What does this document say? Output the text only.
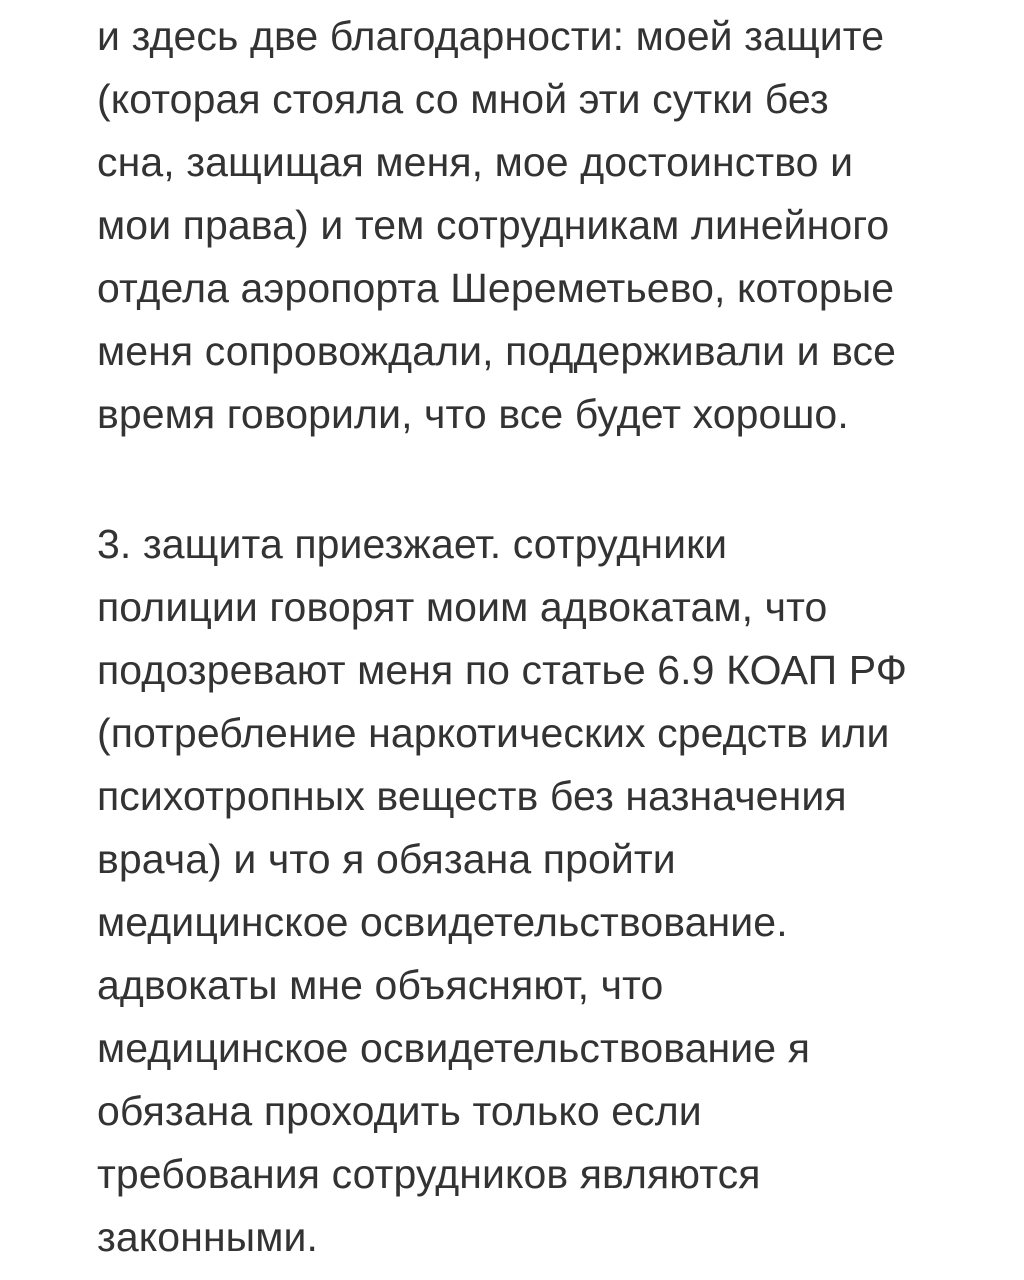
и здесь две благодарности: моей защите
(которая стояла со мной эти сутки без
сна, защищая меня, мое достоинство и
мои права) и тем сотрудникам линейного
отдела аэропорта Шереметьево, которые
меня сопровождали, поддерживали и все
время говорили, что все будет хорошо.

3. защита приезжает. сотрудники
полиции говорят моим адвокатам, что
подозревают меня по статье 6.9 КОАП РФ
(потребление наркотических средств или
психотропных веществ без назначения
врача) и что я обязана пройти
медицинское освидетельствование.
адвокаты мне объясняют, что
медицинское освидетельствование я
обязана проходить только если
требования сотрудников являются
законными.
